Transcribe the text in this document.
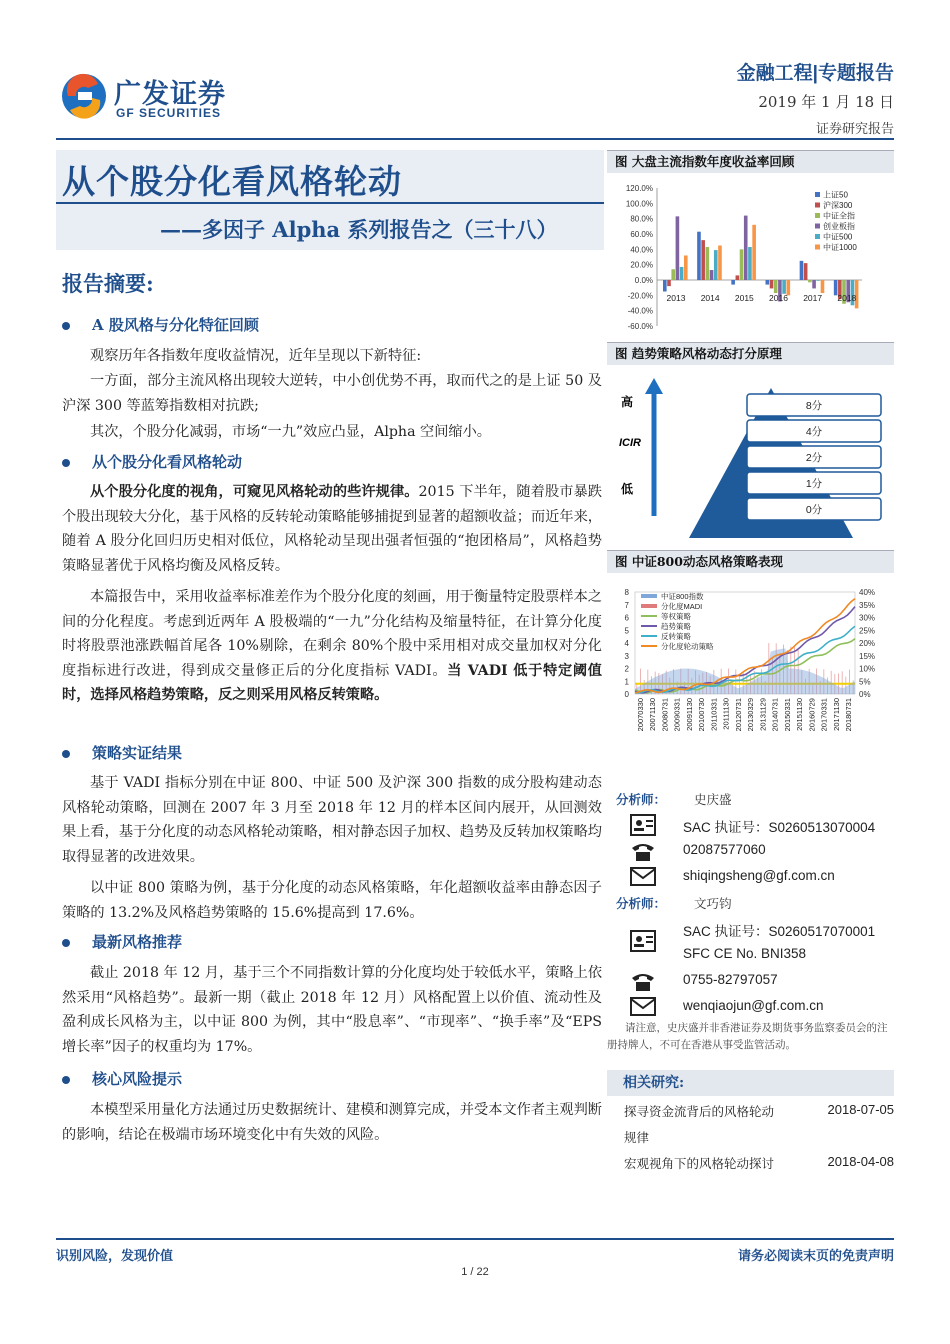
广发证券
GF SECURITIES
金融工程|专题报告
2019 年 1 月 18 日
证券研究报告
从个股分化看风格轮动
——多因子 Alpha 系列报告之（三十八）
报告摘要:
A 股风格与分化特征回顾
观察历年各指数年度收益情况，近年呈现以下新特征:
一方面，部分主流风格出现较大逆转，中小创优势不再，取而代之的是上证 50 及沪深 300 等蓝筹指数相对抗跌;
其次，个股分化减弱，市场“一九”效应凸显，Alpha 空间缩小。
从个股分化看风格轮动
从个股分化度的视角，可窥见风格轮动的些许规律。2015 下半年，随着股市暴跌个股出现较大分化，基于风格的反转轮动策略能够捕捉到显著的超额收益；而近年来，随着 A 股分化回归历史相对低位，风格轮动呈现出强者恒强的“抱团格局”，风格趋势策略显著优于风格均衡及风格反转。
本篇报告中，采用收益率标准差作为个股分化度的刻画，用于衡量特定股票样本之间的分化程度。考虑到近两年 A 股极端的“一九”分化结构及缩量特征，在计算分化度时将股票池涨跌幅首尾各 10%剔除，在剩余 80%个股中采用相对成交量加权对分化度指标进行改进，得到成交量修正后的分化度指标 VADI。当 VADI 低于特定阈值时，选择风格趋势策略，反之则采用风格反转策略。
策略实证结果
基于 VADI 指标分别在中证 800、中证 500 及沪深 300 指数的成分股构建动态风格轮动策略，回测在 2007 年 3 月至 2018 年 12 月的样本区间内展开，从回测效果上看，基于分化度的动态风格轮动策略，相对静态因子加权、趋势及反转加权策略均取得显著的改进效果。
以中证 800 策略为例，基于分化度的动态风格策略，年化超额收益率由静态因子策略的 13.2%及风格趋势策略的 15.6%提高到 17.6%。
最新风格推荐
截止 2018 年 12 月，基于三个不同指数计算的分化度均处于较低水平，策略上依然采用“风格趋势”。最新一期（截止 2018 年 12 月）风格配置上以价值、流动性及盈利成长风格为主，以中证 800 为例，其中“股息率”、“市现率”、“换手率”及“EPS 增长率”因子的权重均为 17%。
核心风险提示
本模型采用量化方法通过历史数据统计、建模和测算完成，并受本文作者主观判断的影响，结论在极端市场环境变化中有失效的风险。
图 大盘主流指数年度收益率回顾
120.0%
100.0%
80.0%
60.0%
40.0%
20.0%
0.0%
-20.0%
-40.0%
-60.0%
2013 2014 2015 2016 2017 2018
上证50
沪深300
中证全指
创业板指
中证500
中证1000
图 趋势策略风格动态打分原理
高
ICIR
低
8分
4分
2分
1分
0分
图 中证800动态风格策略表现
8
7
6
5
4
3
2
1
0
40%
35%
30%
25%
20%
15%
10%
5%
0%
中证800指数
分化度MADI
等权策略
趋势策略
反转策略
分化度轮动策略
20070330 20071130 20080731 20090331 20091130 20100730 20110331 20111130 20120731 20130329 20131129 20140731 20150331 20151130 20160729 20170331 20171130 20180731
分析师： 史庆盛
SAC 执证号：S0260513070004
02087577060
shiqingsheng@gf.com.cn
分析师： 文巧钧
SAC 执证号：S0260517070001
SFC CE No. BNI358
0755-82797057
wenqiaojun@gf.com.cn
请注意，史庆盛并非香港证券及期货事务监察委员会的注册持牌人，不可在香港从事受监管活动。
相关研究:
探寻资金流背后的风格轮动
规律
2018-07-05
宏观视角下的风格轮动探讨	2018-04-08
识别风险，发现价值	请务必阅读末页的免责声明
1 / 22
